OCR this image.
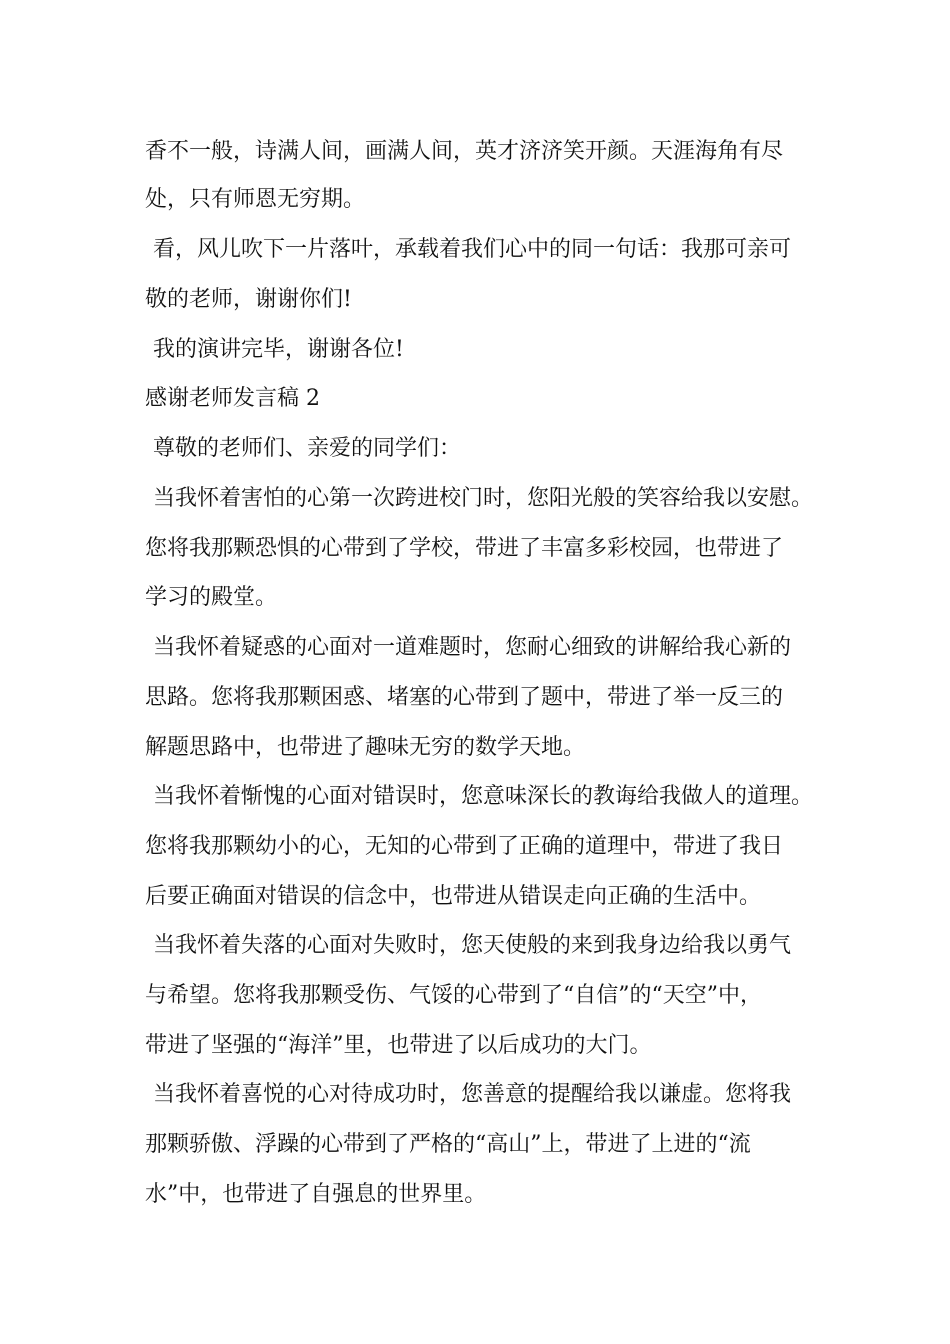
香不一般，诗满人间，画满人间，英才济济笑开颜。天涯海角有尽
处，只有师恩无穷期。
看，风儿吹下一片落叶，承载着我们心中的同一句话：我那可亲可
敬的老师，谢谢你们!
我的演讲完毕，谢谢各位!
感谢老师发言稿 2
尊敬的老师们、亲爱的同学们：
当我怀着害怕的心第一次跨进校门时，您阳光般的笑容给我以安慰。
您将我那颗恐惧的心带到了学校，带进了丰富多彩校园，也带进了
学习的殿堂。
当我怀着疑惑的心面对一道难题时，您耐心细致的讲解给我心新的
思路。您将我那颗困惑、堵塞的心带到了题中，带进了举一反三的
解题思路中，也带进了趣味无穷的数学天地。
当我怀着惭愧的心面对错误时，您意味深长的教诲给我做人的道理。
您将我那颗幼小的心，无知的心带到了正确的道理中，带进了我日
后要正确面对错误的信念中，也带进从错误走向正确的生活中。
当我怀着失落的心面对失败时，您天使般的来到我身边给我以勇气
与希望。您将我那颗受伤、气馁的心带到了“自信”的“天空”中，
带进了坚强的“海洋”里，也带进了以后成功的大门。
当我怀着喜悦的心对待成功时，您善意的提醒给我以谦虚。您将我
那颗骄傲、浮躁的心带到了严格的“高山”上，带进了上进的“流
水”中，也带进了自强息的世界里。
